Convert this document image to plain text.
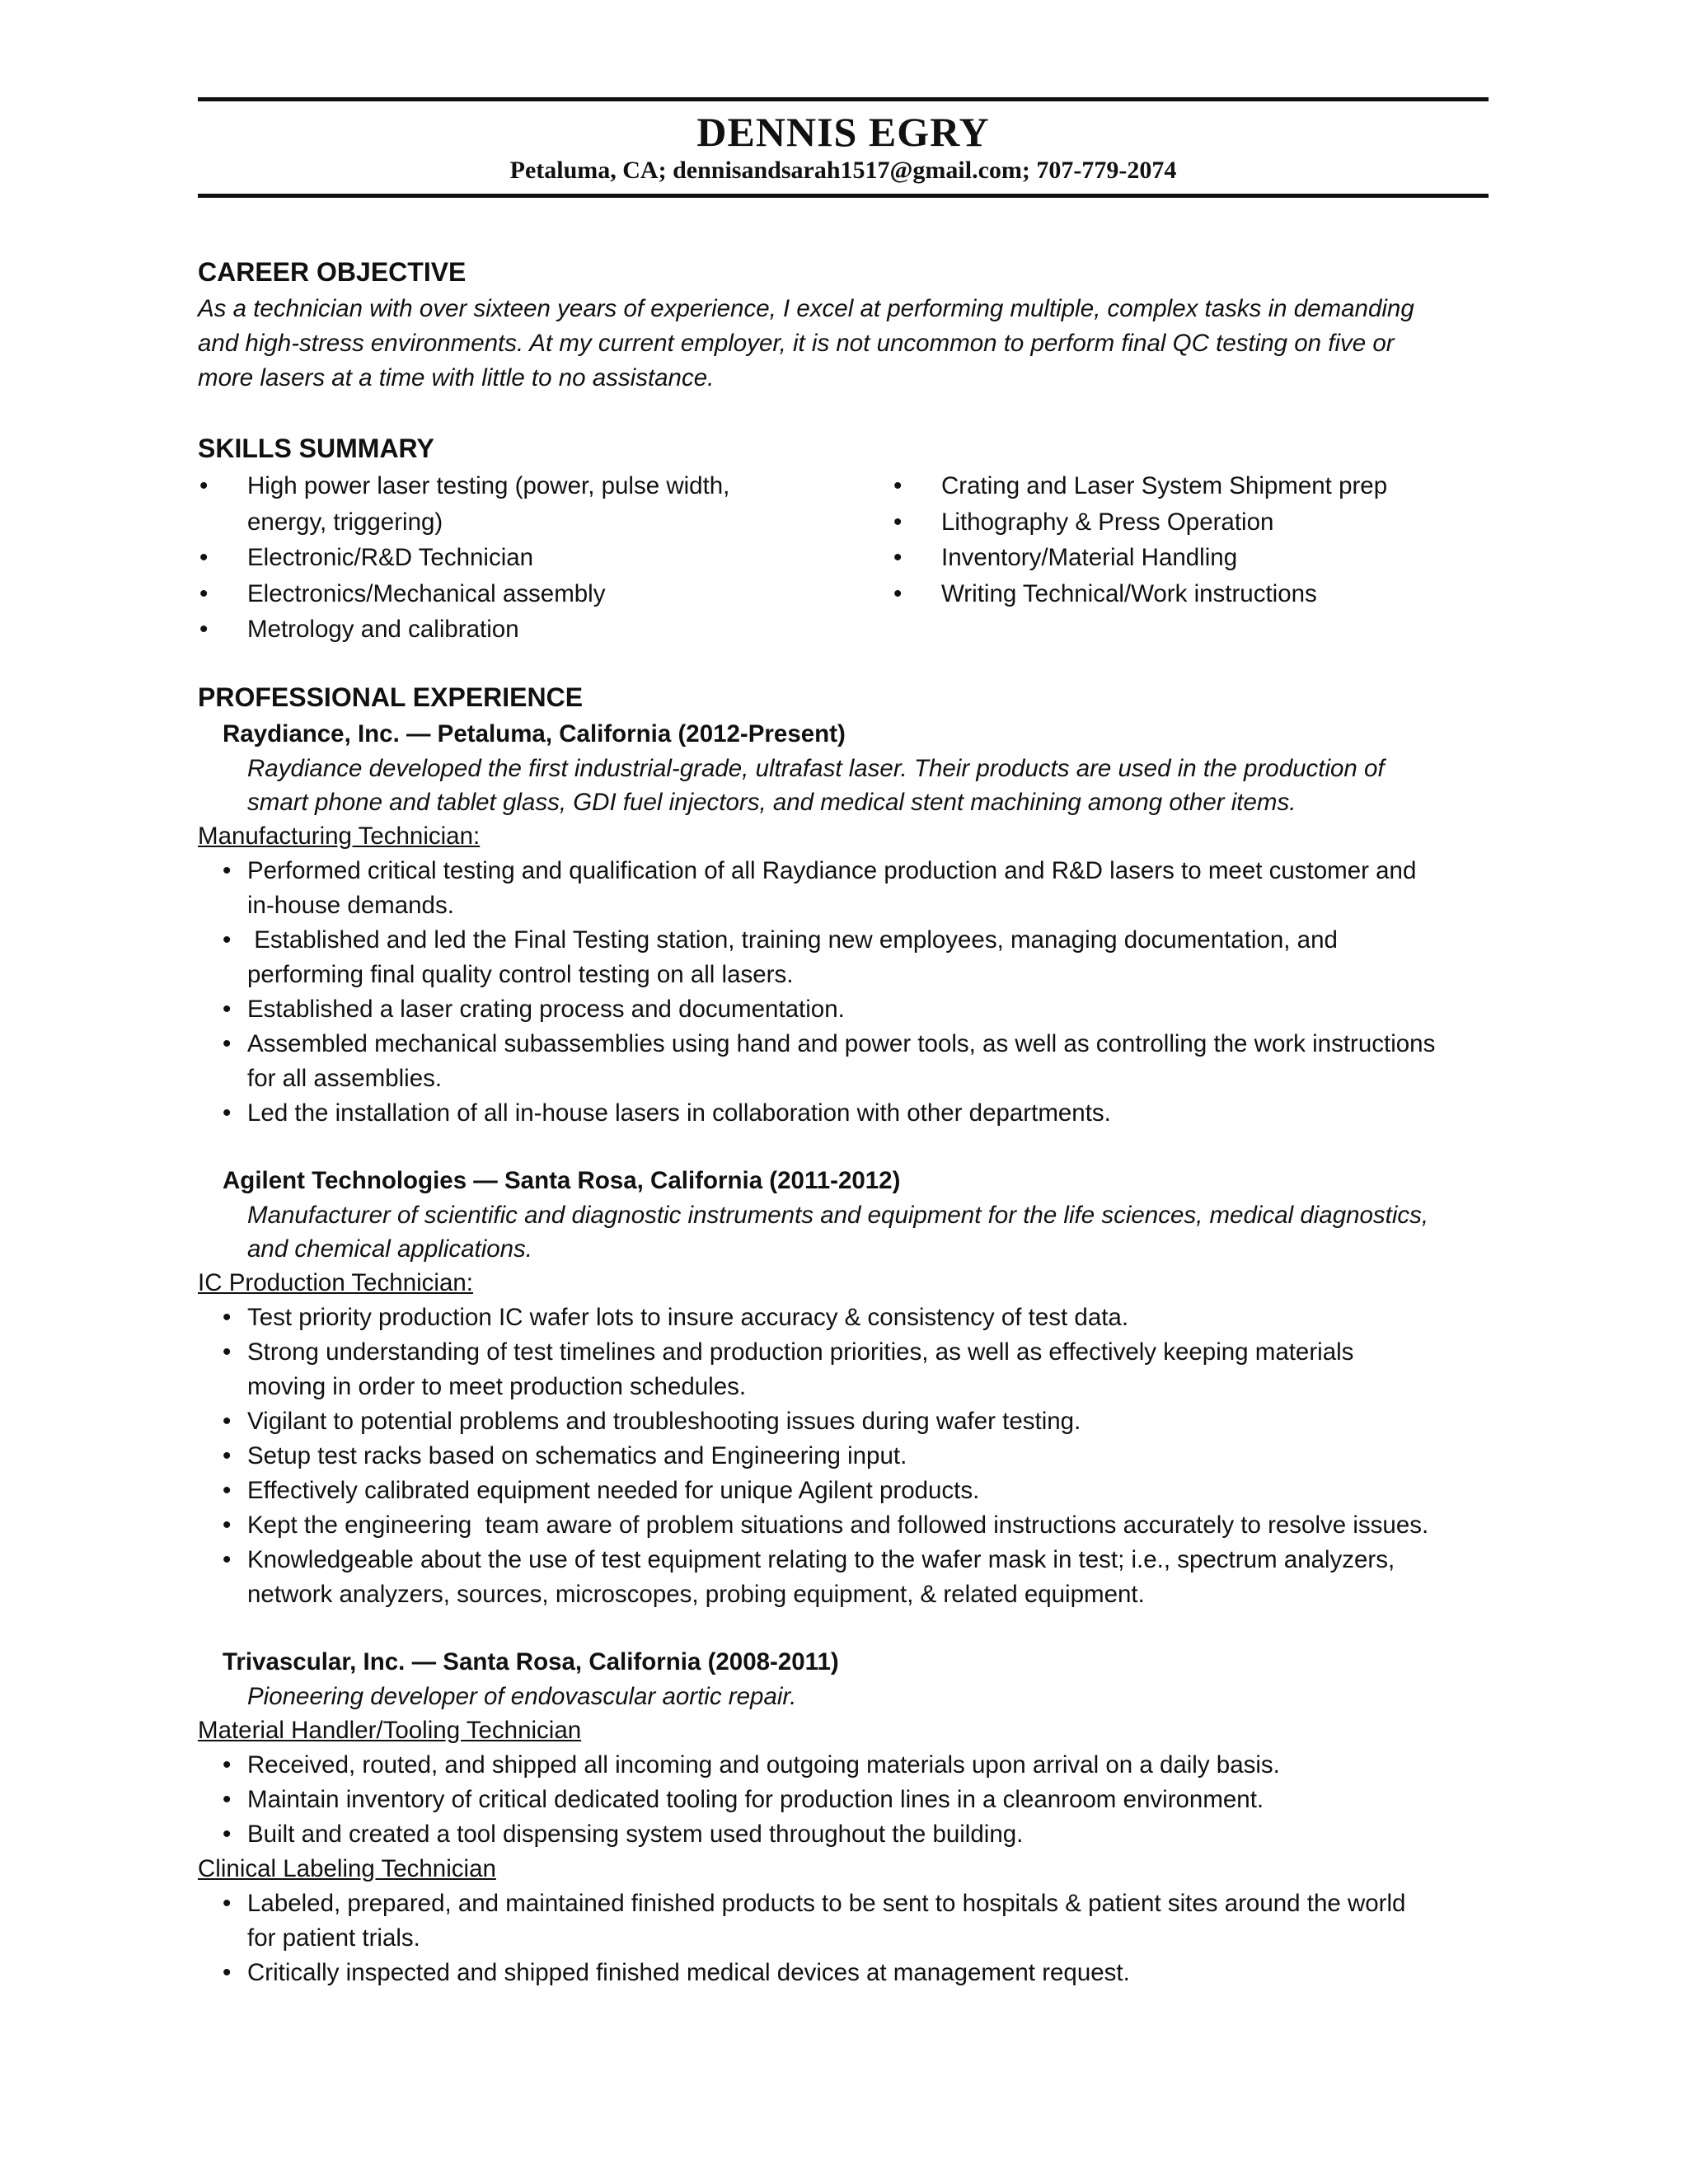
DENNIS EGRY
Petaluma, CA; dennisandsarah1517@gmail.com; 707-779-2074
CAREER OBJECTIVE

As a technician with over sixteen years of experience, I excel at performing multiple, complex tasks in demanding
and high-stress environments. At my current employer, it is not uncommon to perform final QC testing on five or
more lasers at a time with little to no assistance.

SKILLS SUMMARY
• High power laser testing (power, pulse width,
energy, triggering)
• Electronic/R&D Technician
• Electronics/Mechanical assembly
• Metrology and calibration
• Crating and Laser System Shipment prep
• Lithography & Press Operation
• Inventory/Material Handling
• Writing Technical/Work instructions
PROFESSIONAL EXPERIENCE
Raydiance, Inc. — Petaluma, California (2012-Present)
Raydiance developed the first industrial-grade, ultrafast laser. Their products are used in the production of
smart phone and tablet glass, GDI fuel injectors, and medical stent machining among other items.
Manufacturing Technician:
• Performed critical testing and qualification of all Raydiance production and R&D lasers to meet customer and
in-house demands.
• Established and led the Final Testing station, training new employees, managing documentation, and
performing final quality control testing on all lasers.
• Established a laser crating process and documentation.
• Assembled mechanical subassemblies using hand and power tools, as well as controlling the work instructions
for all assemblies.
• Led the installation of all in-house lasers in collaboration with other departments.
Agilent Technologies — Santa Rosa, California (2011-2012)
Manufacturer of scientific and diagnostic instruments and equipment for the life sciences, medical diagnostics,
and chemical applications.
IC Production Technician:
• Test priority production IC wafer lots to insure accuracy & consistency of test data.
• Strong understanding of test timelines and production priorities, as well as effectively keeping materials
moving in order to meet production schedules.
• Vigilant to potential problems and troubleshooting issues during wafer testing.
• Setup test racks based on schematics and Engineering input.
• Effectively calibrated equipment needed for unique Agilent products.
• Kept the engineering  team aware of problem situations and followed instructions accurately to resolve issues.
• Knowledgeable about the use of test equipment relating to the wafer mask in test; i.e., spectrum analyzers,
network analyzers, sources, microscopes, probing equipment, & related equipment.
Trivascular, Inc. — Santa Rosa, California (2008-2011)
Pioneering developer of endovascular aortic repair.
Material Handler/Tooling Technician
• Received, routed, and shipped all incoming and outgoing materials upon arrival on a daily basis.
• Maintain inventory of critical dedicated tooling for production lines in a cleanroom environment.
• Built and created a tool dispensing system used throughout the building.
Clinical Labeling Technician
• Labeled, prepared, and maintained finished products to be sent to hospitals & patient sites around the world
for patient trials.
• Critically inspected and shipped finished medical devices at management request.
